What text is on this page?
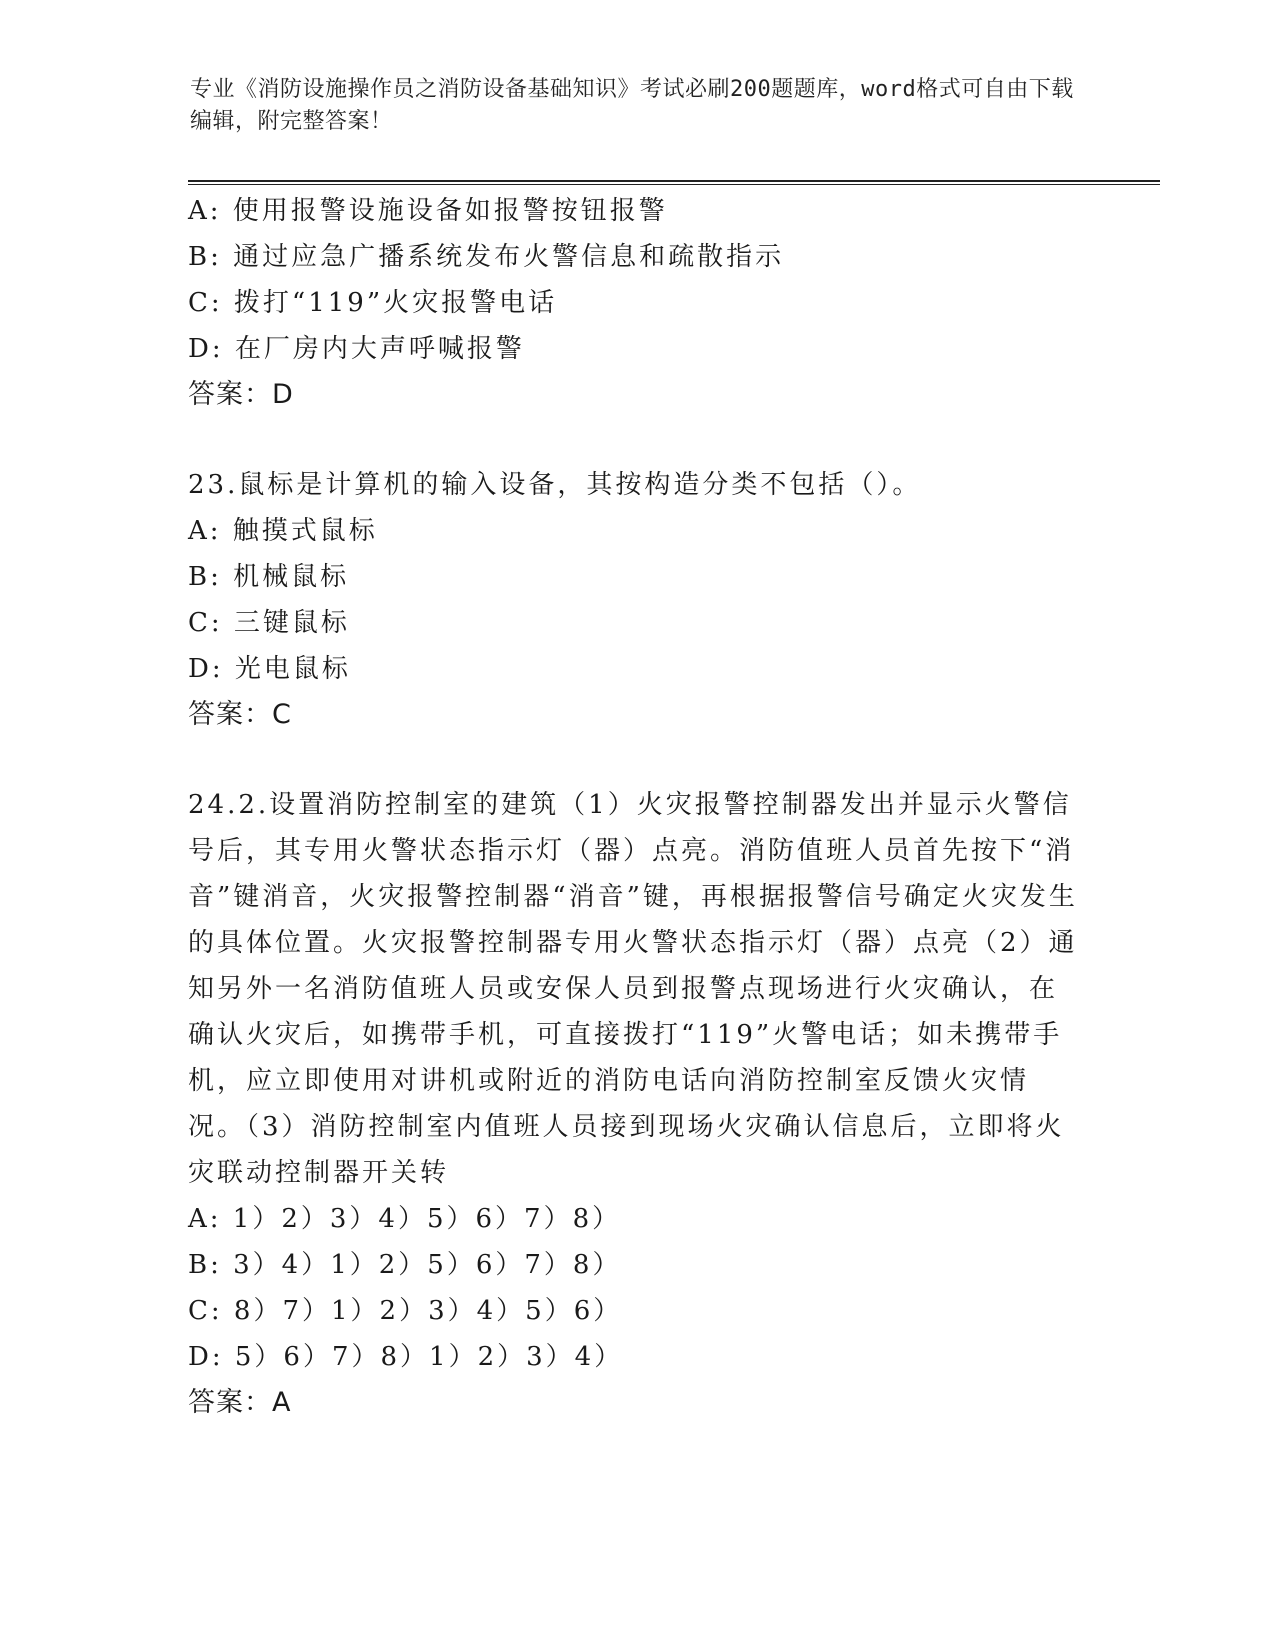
专业《消防设施操作员之消防设备基础知识》考试必刷200题题库，word格式可自由下载编辑，附完整答案！
A: 使用报警设施设备如报警按钮报警
B: 通过应急广播系统发布火警信息和疏散指示
C: 拨打“119”火灾报警电话
D: 在厂房内大声呼喊报警
答案：D
23.鼠标是计算机的输入设备，其按构造分类不包括（）。
A: 触摸式鼠标
B: 机械鼠标
C: 三键鼠标
D: 光电鼠标
答案：C
24.2.设置消防控制室的建筑（1）火灾报警控制器发出并显示火警信号后，其专用火警状态指示灯（器）点亮。消防值班人员首先按下“消音”键消音，火灾报警控制器“消音”键，再根据报警信号确定火灾发生的具体位置。火灾报警控制器专用火警状态指示灯（器）点亮（2）通知另外一名消防值班人员或安保人员到报警点现场进行火灾确认，在确认火灾后，如携带手机，可直接拨打“119”火警电话；如未携带手机，应立即使用对讲机或附近的消防电话向消防控制室反馈火灾情况。（3）消防控制室内值班人员接到现场火灾确认信息后，立即将火灾联动控制器开关转
A: 1）2）3）4）5）6）7）8）
B: 3）4）1）2）5）6）7）8）
C: 8）7）1）2）3）4）5）6）
D: 5）6）7）8）1）2）3）4）
答案：A
